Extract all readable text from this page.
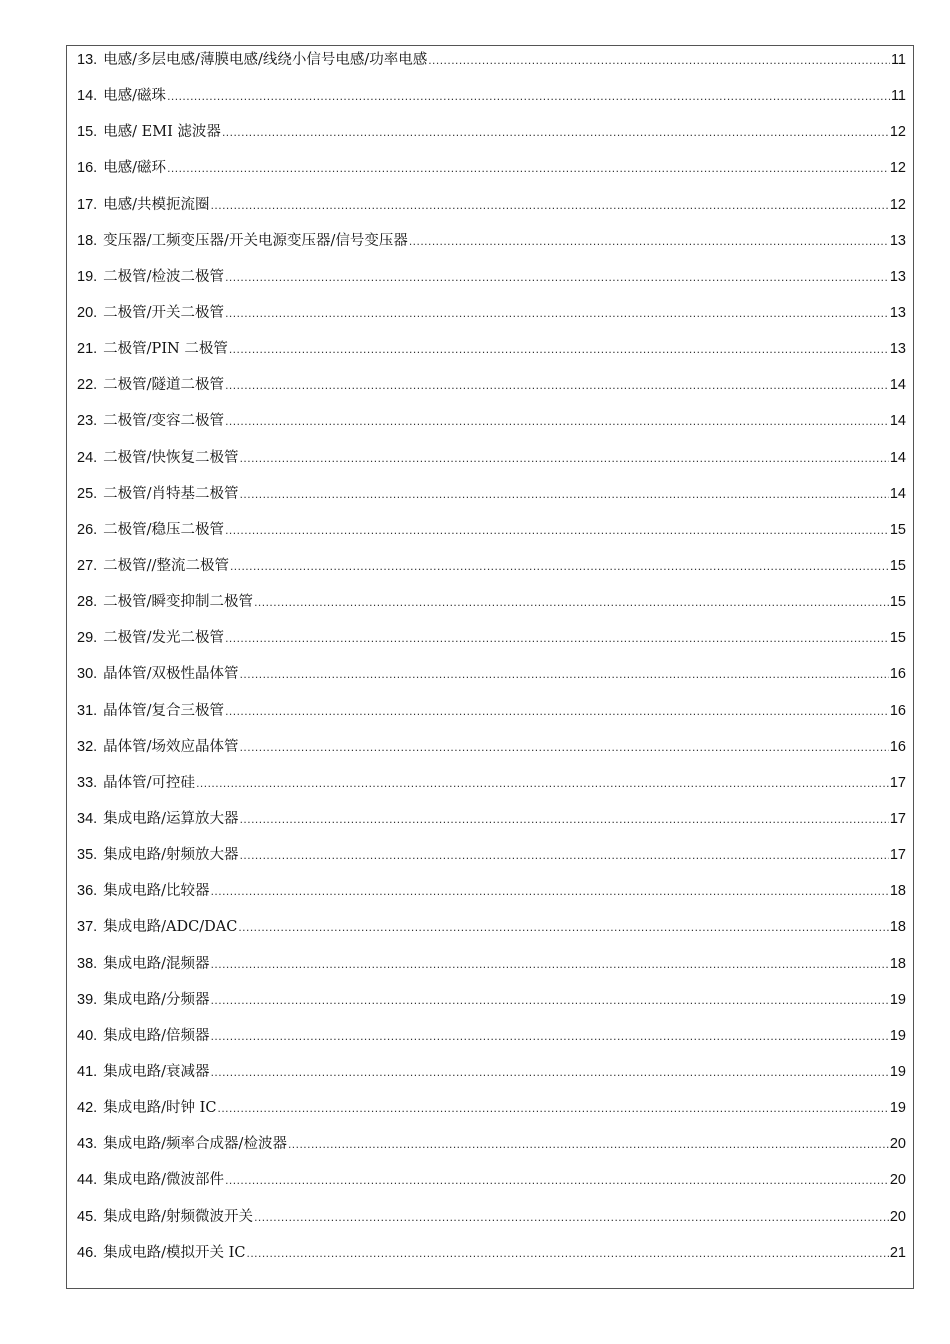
13. 电感/多层电感/薄膜电感/线绕小信号电感/功率电感 .....	11
14. 电感/磁珠 .....	11
15. 电感/ EMI 滤波器 .....	12
16. 电感/磁环 .....	12
17. 电感/共模扼流圈 .....	12
18. 变压器/工频变压器/开关电源变压器/信号变压器 .....	13
19. 二极管/检波二极管 .....	13
20. 二极管/开关二极管 .....	13
21. 二极管/PIN 二极管 .....	13
22. 二极管/隧道二极管 .....	14
23. 二极管/变容二极管 .....	14
24. 二极管/快恢复二极管 .....	14
25. 二极管/肖特基二极管 .....	14
26. 二极管/稳压二极管 .....	15
27. 二极管//整流二极管 .....	15
28. 二极管/瞬变抑制二极管 .....	15
29. 二极管/发光二极管 .....	15
30. 晶体管/双极性晶体管 .....	16
31. 晶体管/复合三极管 .....	16
32. 晶体管/场效应晶体管 .....	16
33. 晶体管/可控硅 .....	17
34. 集成电路/运算放大器 .....	17
35. 集成电路/射频放大器 .....	17
36. 集成电路/比较器 .....	18
37. 集成电路/ADC/DAC .....	18
38. 集成电路/混频器 .....	18
39. 集成电路/分频器 .....	19
40. 集成电路/倍频器 .....	19
41. 集成电路/衰减器 .....	19
42. 集成电路/时钟 IC .....	19
43. 集成电路/频率合成器/检波器 .....	20
44. 集成电路/微波部件 .....	20
45. 集成电路/射频微波开关 .....	20
46. 集成电路/模拟开关 IC .....	21
